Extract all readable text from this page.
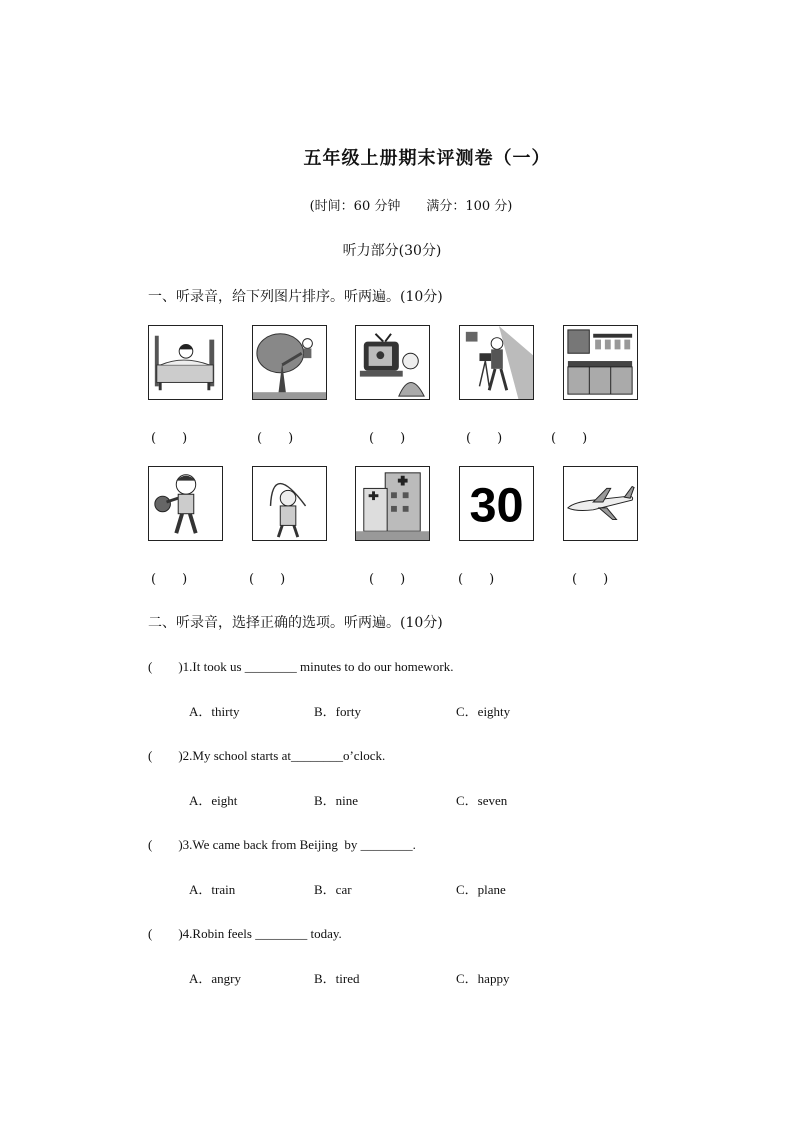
五年级上册期末评测卷（一）
(时间：60 分钟　　满分：100 分)
听力部分(30分)
一、听录音，给下列图片排序。听两遍。(10分)
(　　)	(　　)	(　　)	(　　)	(　　)
30
(　　)	(　　)	(　　)	(　　)	(　　)
二、听录音，选择正确的选项。听两遍。(10分)
(　　)1.It took us ________ minutes to do our homework.
A．thirty	B．forty	C．eighty
(　　)2.My school starts at________o’clock.
A．eight	B．nine	C．seven
(　　)3.We came back from Beijing  by ________.
A．train	B．car	C．plane
(　　)4.Robin feels ________ today.
A．angry	B．tired	C．happy
